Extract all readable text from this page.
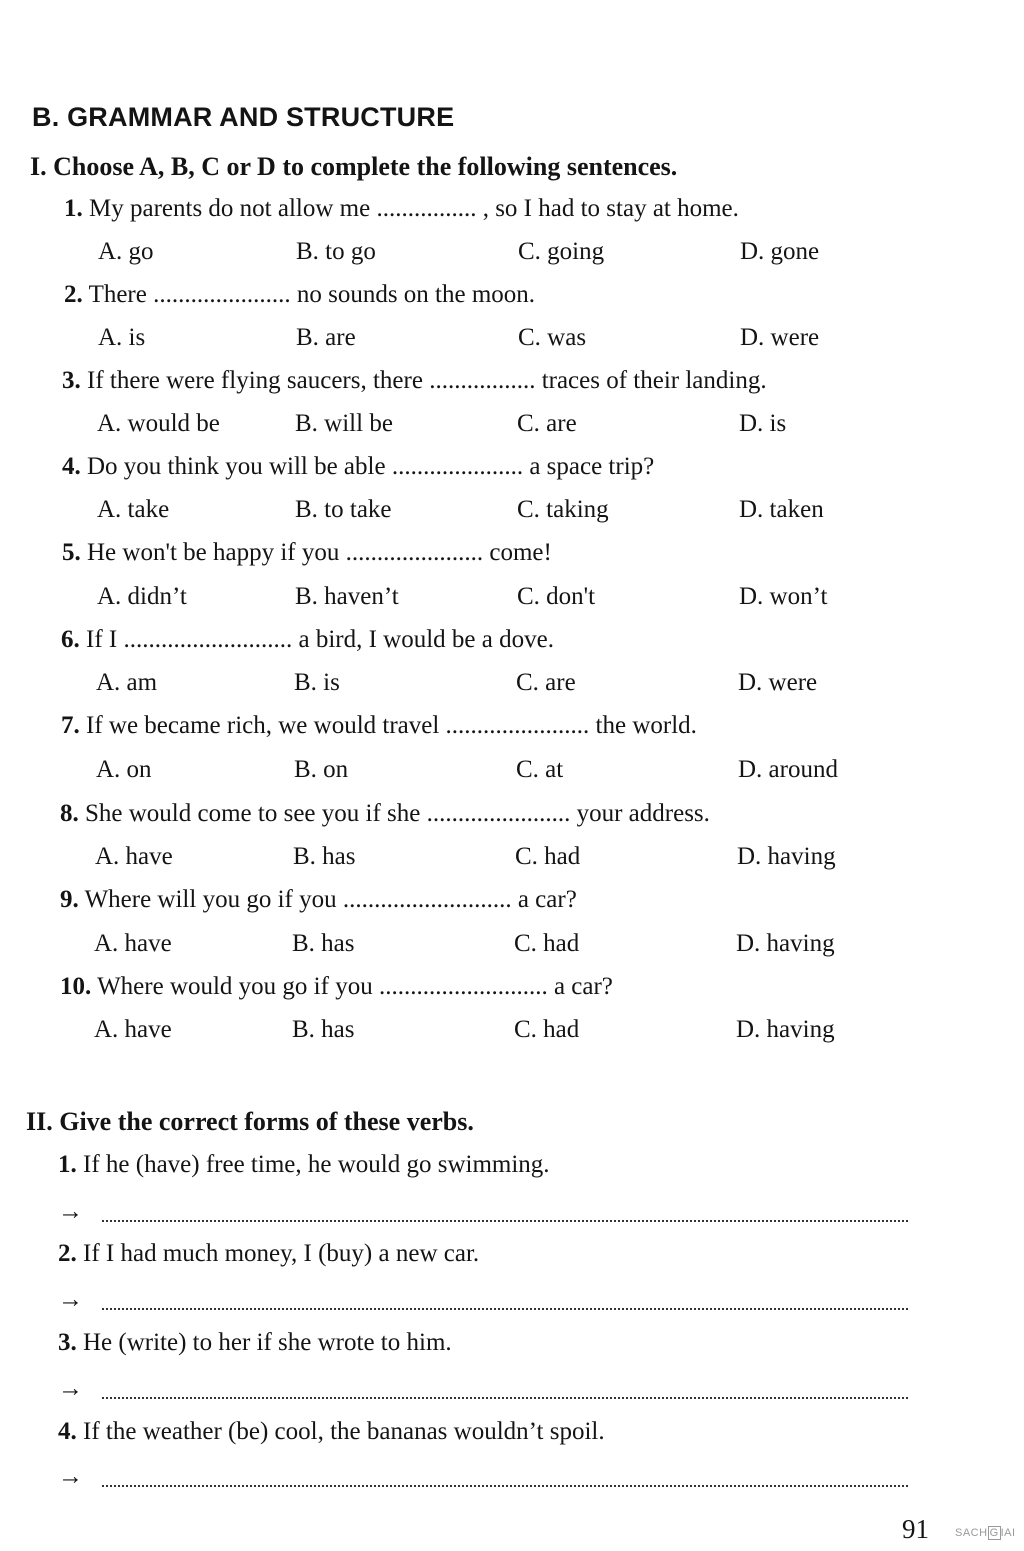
B. GRAMMAR AND STRUCTURE
I. Choose A, B, C or D to complete the following sentences.
1. My parents do not allow me ................ , so I had to stay at home.
A. go	B. to go	C. going	D. gone
2. There ...................... no sounds on the moon.
A. is	B. are	C. was	D. were
3. If there were flying saucers, there ................. traces of their landing.
A. would be	B. will be	C. are	D. is
4. Do you think you will be able ..................... a space trip?
A. take	B. to take	C. taking	D. taken
5. He won't be happy if you ...................... come!
A. didn’t	B. haven’t	C. don't	D. won’t
6. If I ........................... a bird, I would be a dove.
A. am	B. is	C. are	D. were
7. If we became rich, we would travel ....................... the world.
A. on	B. on	C. at	D. around
8. She would come to see you if she ....................... your address.
A. have	B. has	C. had	D. having
9. Where will you go if you ........................... a car?
A. have	B. has	C. had	D. having
10. Where would you go if you ........................... a car?
A. have	B. has	C. had	D. having
II. Give the correct forms of these verbs.
1. If he (have) free time, he would go swimming.
→
2. If I had much money, I (buy) a new car.
→
3. He (write) to her if she wrote to him.
→
4. If the weather (be) cool, the bananas wouldn’t spoil.
→
91 SACH G IAI
